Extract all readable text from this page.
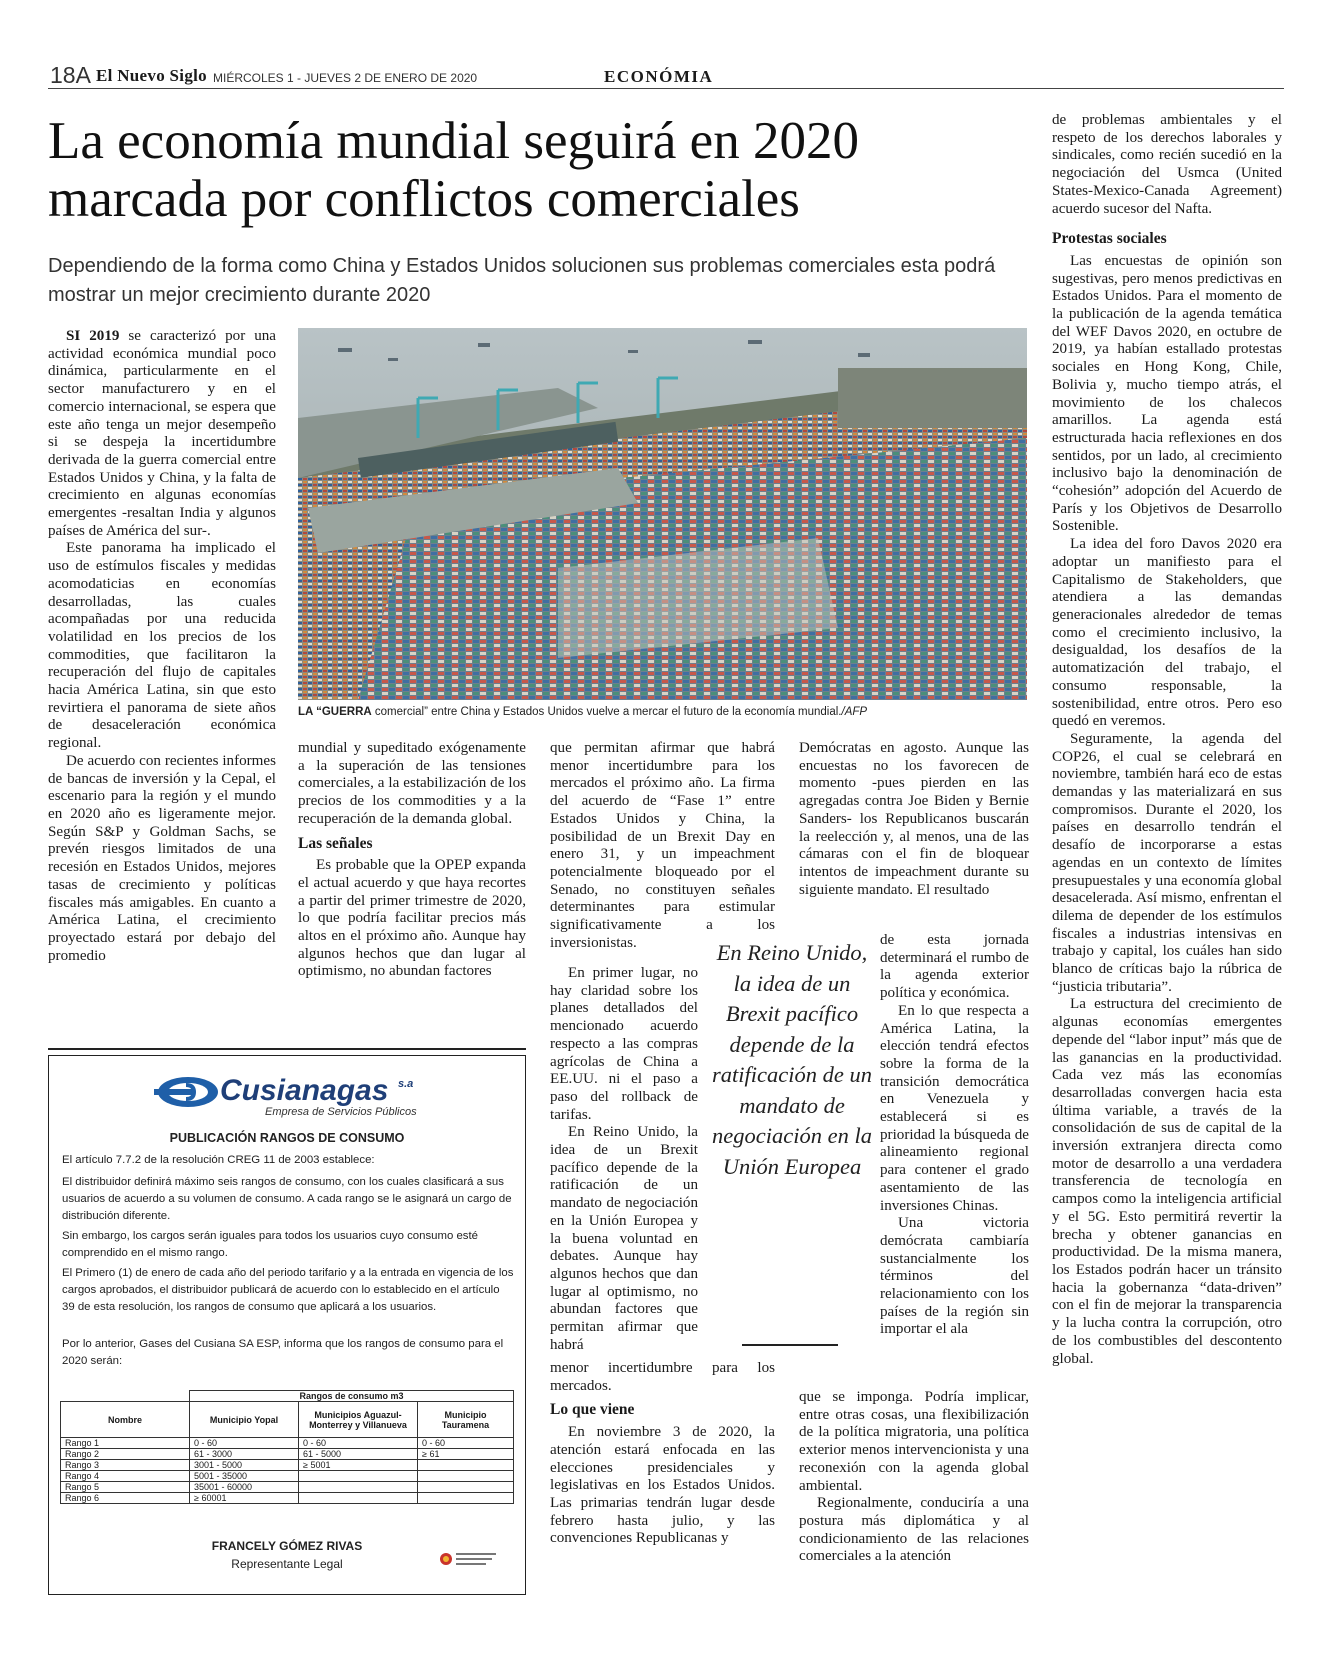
18A El Nuevo Siglo MIÉRCOLES 1 - JUEVES 2 DE ENERO DE 2020	ECONÓMIA
La economía mundial seguirá en 2020 marcada por conflictos comerciales

Dependiendo de la forma como China y Estados Unidos solucionen sus problemas comerciales esta podrá mostrar un mejor crecimiento durante 2020

SI 2019 se caracterizó por una actividad económica mundial poco dinámica, particularmente en el sector manufacturero y en el comercio internacional, se espera que este año tenga un mejor desempeño si se despeja la incertidumbre derivada de la guerra comercial entre Estados Unidos y China, y la falta de crecimiento en algunas economías emergentes -resaltan India y algunos países de América del sur-.

Este panorama ha implicado el uso de estímulos fiscales y medidas acomodaticias en economías desarrolladas, las cuales acompañadas por una reducida volatilidad en los precios de los commodities, que facilitaron la recuperación del flujo de capitales hacia América Latina, sin que esto revirtiera el panorama de siete años de desaceleración económica regional.

De acuerdo con recientes informes de bancas de inversión y la Cepal, el escenario para la región y el mundo en 2020 año es ligeramente mejor. Según S&P y Goldman Sachs, se prevén riesgos limitados de una recesión en Estados Unidos, mejores tasas de crecimiento y políticas fiscales más amigables. En cuanto a América Latina, el crecimiento proyectado estará por debajo del promedio

LA “GUERRA comercial” entre China y Estados Unidos vuelve a mercar el futuro de la economía mundial./AFP

mundial y supeditado exógenamente a la superación de las tensiones comerciales, a la estabilización de los precios de los commodities y a la recuperación de la demanda global.

Las señales

Es probable que la OPEP expanda el actual acuerdo y que haya recortes a partir del primer trimestre de 2020, lo que podría facilitar precios más altos en el próximo año. Aunque hay algunos hechos que dan lugar al optimismo, no abundan factores

que permitan afirmar que habrá menor incertidumbre para los mercados el próximo año. La firma del acuerdo de “Fase 1” entre Estados Unidos y China, la posibilidad de un Brexit Day en enero 31, y un impeachment potencialmente bloqueado por el Senado, no constituyen señales determinantes para estimular significativamente a los inversionistas.

En primer lugar, no hay claridad sobre los planes detallados del mencionado acuerdo respecto a las compras agrícolas de China a EE.UU. ni el paso a paso del rollback de tarifas.

En Reino Unido, la idea de un Brexit pacífico depende de la ratificación de un mandato de negociación en la Unión Europea y la buena voluntad en debates. Aunque hay algunos hechos que dan lugar al optimismo, no abundan factores que permitan afirmar que habrá

menor incertidumbre para los mercados.

Lo que viene

En noviembre 3 de 2020, la atención estará enfocada en las elecciones presidenciales y legislativas en los Estados Unidos. Las primarias tendrán lugar desde febrero hasta julio, y las convenciones Republicanas y

En Reino Unido, la idea de un Brexit pacífico depende de la ratificación de un mandato de negociación en la Unión Europea

Demócratas en agosto. Aunque las encuestas no los favorecen de momento -pues pierden en las agregadas contra Joe Biden y Bernie Sanders- los Republicanos buscarán la reelección y, al menos, una de las cámaras con el fin de bloquear intentos de impeachment durante su siguiente mandato. El resultado

de esta jornada determinará el rumbo de la agenda exterior política y económica.

En lo que respecta a América Latina, la elección tendrá efectos sobre la forma de la transición democrática en Venezuela y establecerá si es prioridad la búsqueda de alineamiento regional para contener el grado asentamiento de las inversiones Chinas.

Una victoria demócrata cambiaría sustancialmente los términos del relacionamiento con los países de la región sin importar el ala

que se imponga. Podría implicar, entre otras cosas, una flexibilización de la política migratoria, una política exterior menos intervencionista y una reconexión con la agenda global ambiental.

Regionalmente, conduciría a una postura más diplomática y al condicionamiento de las relaciones comerciales a la atención

de problemas ambientales y el respeto de los derechos laborales y sindicales, como recién sucedió en la negociación del Usmca (United States-Mexico-Canada Agreement) acuerdo sucesor del Nafta.

Protestas sociales

Las encuestas de opinión son sugestivas, pero menos predictivas en Estados Unidos. Para el momento de la publicación de la agenda temática del WEF Davos 2020, en octubre de 2019, ya habían estallado protestas sociales en Hong Kong, Chile, Bolivia y, mucho tiempo atrás, el movimiento de los chalecos amarillos. La agenda está estructurada hacia reflexiones en dos sentidos, por un lado, al crecimiento inclusivo bajo la denominación de “cohesión” adopción del Acuerdo de París y los Objetivos de Desarrollo Sostenible.

La idea del foro Davos 2020 era adoptar un manifiesto para el Capitalismo de Stakeholders, que atendiera a las demandas generacionales alrededor de temas como el crecimiento inclusivo, la desigualdad, los desafíos de la automatización del trabajo, el consumo responsable, la sostenibilidad, entre otros. Pero eso quedó en veremos.

Seguramente, la agenda del COP26, el cual se celebrará en noviembre, también hará eco de estas demandas y las materializará en sus compromisos. Durante el 2020, los países en desarrollo tendrán el desafío de incorporarse a estas agendas en un contexto de límites presupuestales y una economía global desacelerada. Así mismo, enfrentan el dilema de depender de los estímulos fiscales a industrias intensivas en trabajo y capital, los cuáles han sido blanco de críticas bajo la rúbrica de “justicia tributaria”.

La estructura del crecimiento de algunas economías emergentes depende del “labor input” más que de las ganancias en la productividad. Cada vez más las economías desarrolladas convergen hacia esta última variable, a través de la consolidación de sus de capital de la inversión extranjera directa como motor de desarrollo a una verdadera transferencia de tecnología en campos como la inteligencia artificial y el 5G. Esto permitirá revertir la brecha y obtener ganancias en productividad. De la misma manera, los Estados podrán hacer un tránsito hacia la gobernanza “data-driven” con el fin de mejorar la transparencia y la lucha contra la corrupción, otro de los combustibles del descontento global.

Cusianagas s.a
Empresa de Servicios Públicos
PUBLICACIÓN RANGOS DE CONSUMO
El artículo 7.7.2 de la resolución CREG 11 de 2003 establece:
El distribuidor definirá máximo seis rangos de consumo, con los cuales clasificará a sus usuarios de acuerdo a su volumen de consumo. A cada rango se le asignará un cargo de distribución diferente.
Sin embargo, los cargos serán iguales para todos los usuarios cuyo consumo esté comprendido en el mismo rango.
El Primero (1) de enero de cada año del periodo tarifario y a la entrada en vigencia de los cargos aprobados, el distribuidor publicará de acuerdo con lo establecido en el artículo 39 de esta resolución, los rangos de consumo que aplicará a los usuarios.
Por lo anterior, Gases del Cusiana SA ESP, informa que los rangos de consumo para el 2020 serán:
	Rangos de consumo m3		
Nombre	Municipio Yopal	Municipios Aguazul-Monterrey y Villanueva	Municipio Tauramena
Rango 1	0 - 60	0 - 60	0 - 60
Rango 2	61 - 3000	61 - 5000	≥ 61
Rango 3	3001 - 5000	≥ 5001	
Rango 4	5001 - 35000		
Rango 5	35001 - 60000		
Rango 6	≥ 60001		
FRANCELY GÓMEZ RIVAS
Representante Legal
